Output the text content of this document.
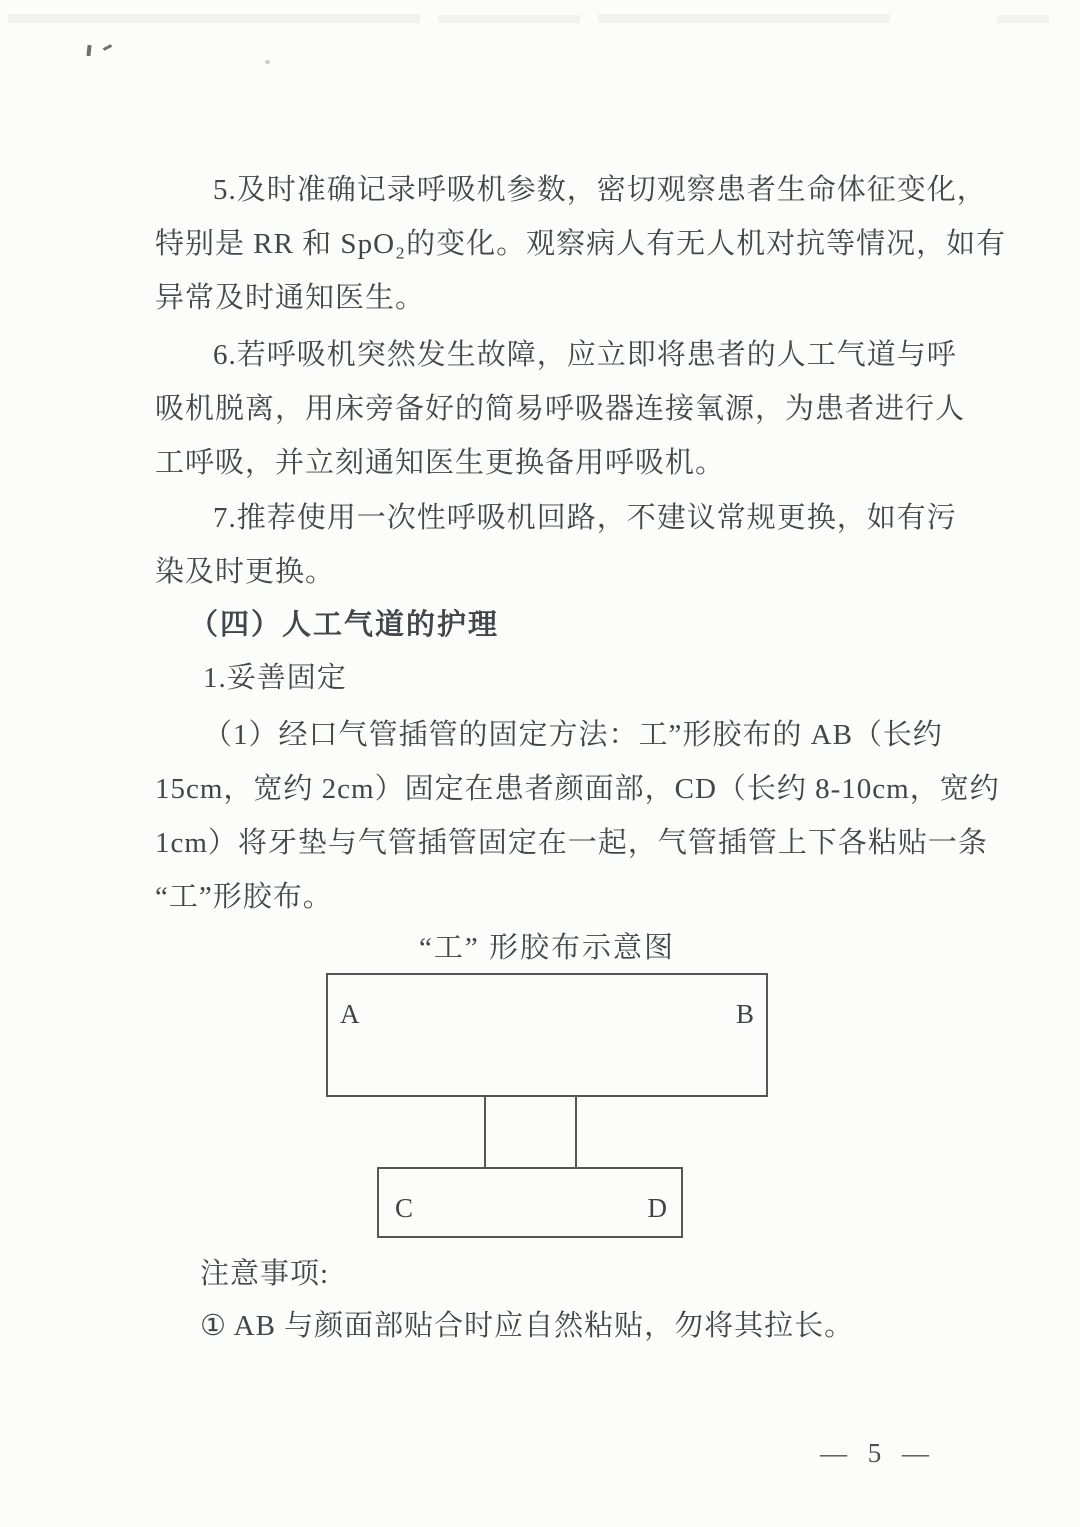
5.及时准确记录呼吸机参数，密切观察患者生命体征变化，
特别是 RR 和 SpO₂的变化。观察病人有无人机对抗等情况，如有
异常及时通知医生。
6.若呼吸机突然发生故障，应立即将患者的人工气道与呼
吸机脱离，用床旁备好的简易呼吸器连接氧源，为患者进行人
工呼吸，并立刻通知医生更换备用呼吸机。
7.推荐使用一次性呼吸机回路，不建议常规更换，如有污
染及时更换。
（四）人工气道的护理
1.妥善固定
（1）经口气管插管的固定方法：工”形胶布的 AB（长约
15cm，宽约 2cm）固定在患者颜面部，CD（长约 8-10cm，宽约
1cm）将牙垫与气管插管固定在一起，气管插管上下各粘贴一条
“工”形胶布。
“工” 形胶布示意图
A	B
C	D
注意事项:
① AB 与颜面部贴合时应自然粘贴，勿将其拉长。
— 5 —
